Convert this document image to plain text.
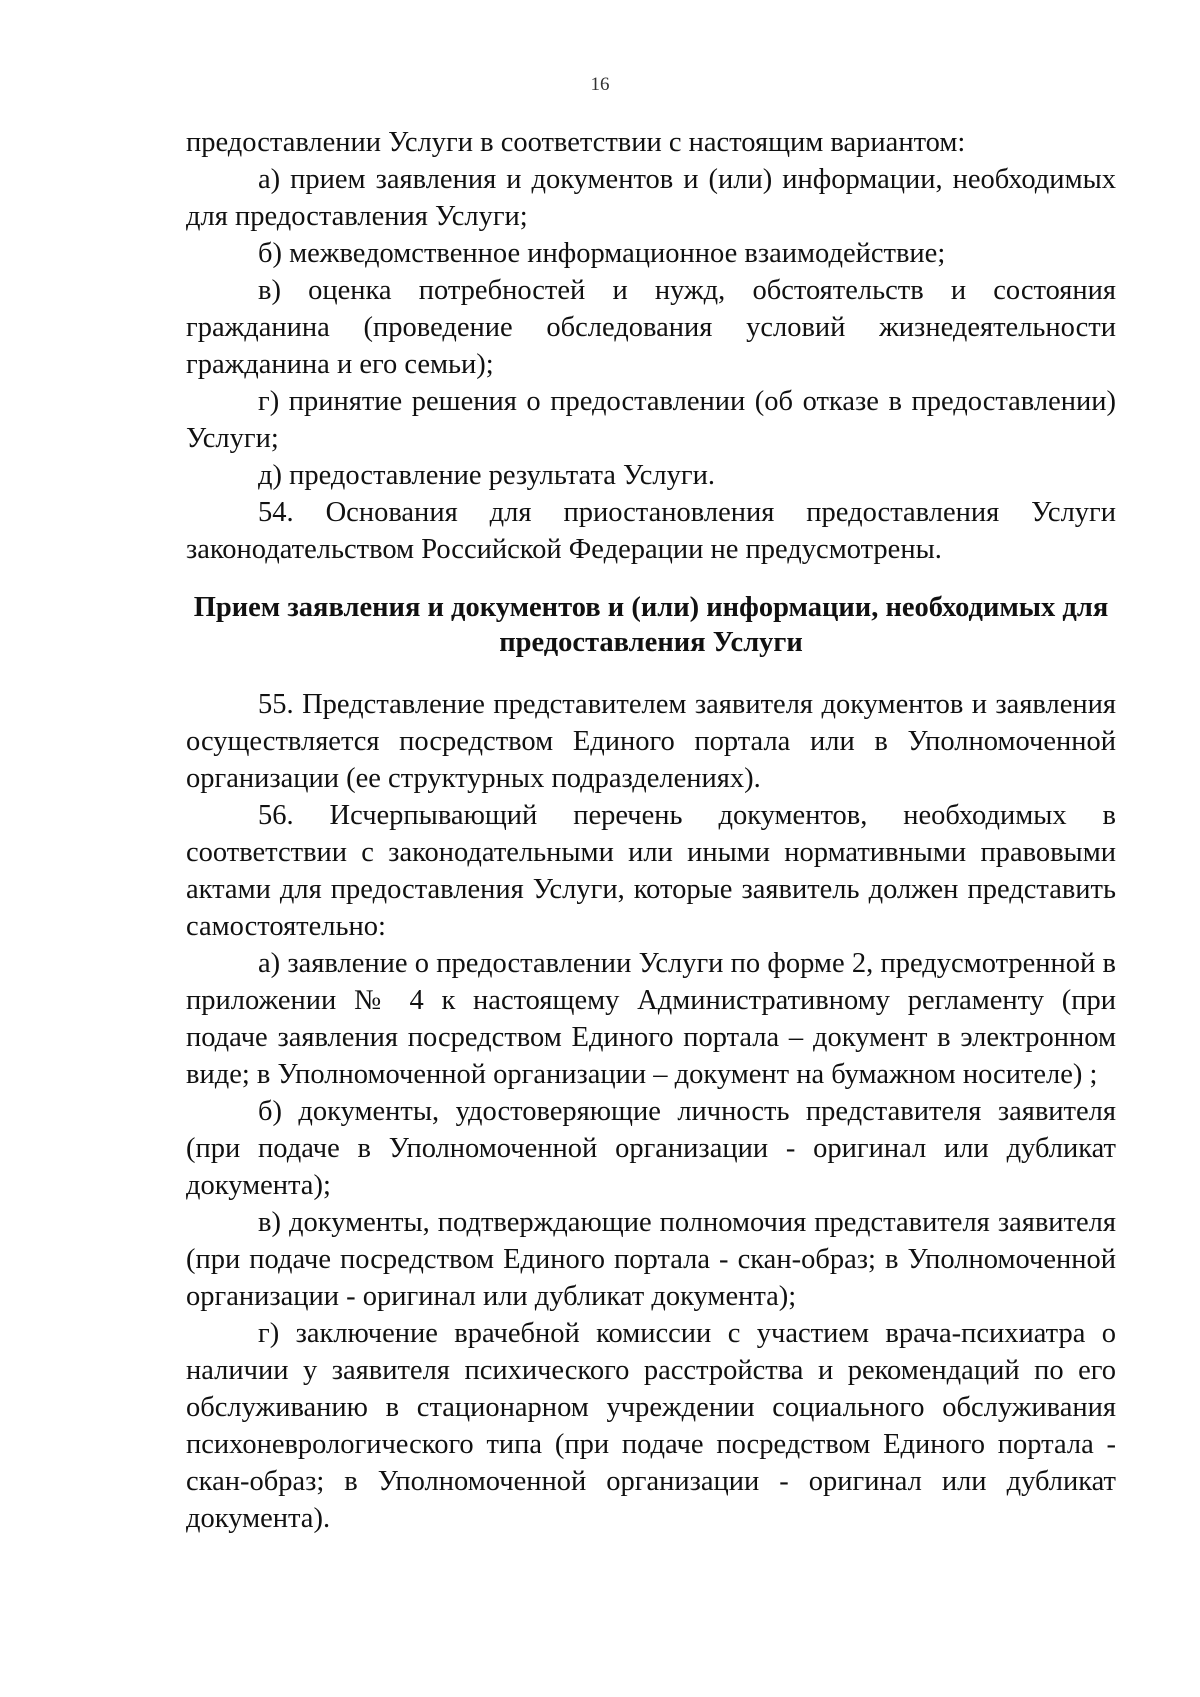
16

предоставлении Услуги в соответствии с настоящим вариантом:

а) прием заявления и документов и (или) информации, необходимых для предоставления Услуги;

б) межведомственное информационное взаимодействие;

в) оценка потребностей и нужд, обстоятельств и состояния гражданина (проведение обследования условий жизнедеятельности гражданина и его семьи);

г) принятие решения о предоставлении (об отказе в предоставлении) Услуги;

д) предоставление результата Услуги.

54. Основания для приостановления предоставления Услуги законодательством Российской Федерации не предусмотрены.

Прием заявления и документов и (или) информации, необходимых для предоставления Услуги

55. Представление представителем заявителя документов и заявления осуществляется посредством Единого портала или в Уполномоченной организации (ее структурных подразделениях).

56. Исчерпывающий перечень документов, необходимых в соответствии с законодательными или иными нормативными правовыми актами для предоставления Услуги, которые заявитель должен представить самостоятельно:

а) заявление о предоставлении Услуги по форме 2, предусмотренной в приложении № 4 к настоящему Административному регламенту (при подаче заявления посредством Единого портала – документ в электронном виде; в Уполномоченной организации – документ на бумажном носителе) ;

б) документы, удостоверяющие личность представителя заявителя (при подаче в Уполномоченной организации - оригинал или дубликат документа);

в) документы, подтверждающие полномочия представителя заявителя (при подаче посредством Единого портала - скан-образ; в Уполномоченной организации - оригинал или дубликат документа);

г) заключение врачебной комиссии с участием врача-психиатра о наличии у заявителя психического расстройства и рекомендаций по его обслуживанию в стационарном учреждении социального обслуживания психоневрологического типа (при подаче посредством Единого портала - скан-образ; в Уполномоченной организации - оригинал или дубликат документа).
